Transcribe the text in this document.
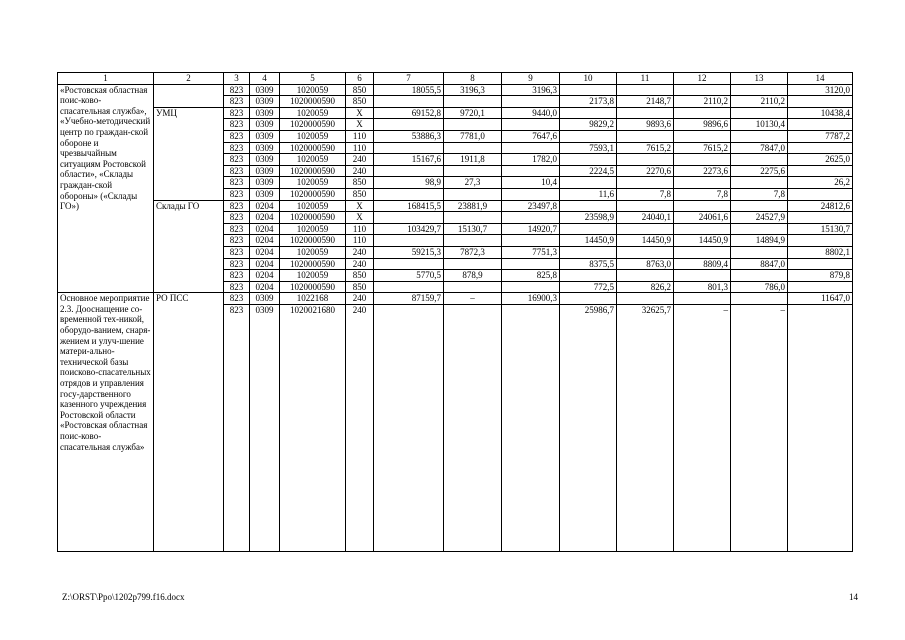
1	2	3	4	5	6	7	8	9	10	11	12	13	14
«Ростовская областная поис-ково-спасательная служба», «Учебно-методический центр по граждан-ской обороне и чрезвычайным ситуациям Ростовской области», «Склады граждан-ской обороны» («Склады ГО»)		823	0309	1020059	850	18055,5	3196,3	3196,3					3120,0
		823	0309	1020000590	850				2173,8	2148,7	2110,2	2110,2	
	УМЦ	823	0309	1020059	X	69152,8	9720,1	9440,0					10438,4
		823	0309	1020000590	X				9829,2	9893,6	9896,6	10130,4	
		823	0309	1020059	110	53886,3	7781,0	7647,6					7787,2
		823	0309	1020000590	110				7593,1	7615,2	7615,2	7847,0	
		823	0309	1020059	240	15167,6	1911,8	1782,0					2625,0
		823	0309	1020000590	240				2224,5	2270,6	2273,6	2275,6	
		823	0309	1020059	850	98,9	27,3	10,4					26,2
		823	0309	1020000590	850				11,6	7,8	7,8	7,8	
	Склады ГО	823	0204	1020059	X	168415,5	23881,9	23497,8					24812,6
		823	0204	1020000590	X				23598,9	24040,1	24061,6	24527,9	
		823	0204	1020059	110	103429,7	15130,7	14920,7					15130,7
		823	0204	1020000590	110				14450,9	14450,9	14450,9	14894,9	
		823	0204	1020059	240	59215,3	7872,3	7751,3					8802,1
		823	0204	1020000590	240				8375,5	8763,0	8809,4	8847,0	
		823	0204	1020059	850	5770,5	878,9	825,8					879,8
		823	0204	1020000590	850				772,5	826,2	801,3	786,0	
Основное мероприятие 2.3. Дооснащение со-временной тех-никой, оборудо-ванием, снаря-жением и улуч-шение матери-ально-технической базы поисково-спасательных отрядов и управления госу-дарственного казенного учреждения Ростовской области «Ростовская областная поис-ково-спасательная служба»	РО ПСС	823	0309	1022168	240	87159,7	–	16900,3					11647,0
		823	0309	1020021680	240				25986,7	32625,7	–	–	
Z:\ORST\Ppo\1202p799.f16.docx	14
